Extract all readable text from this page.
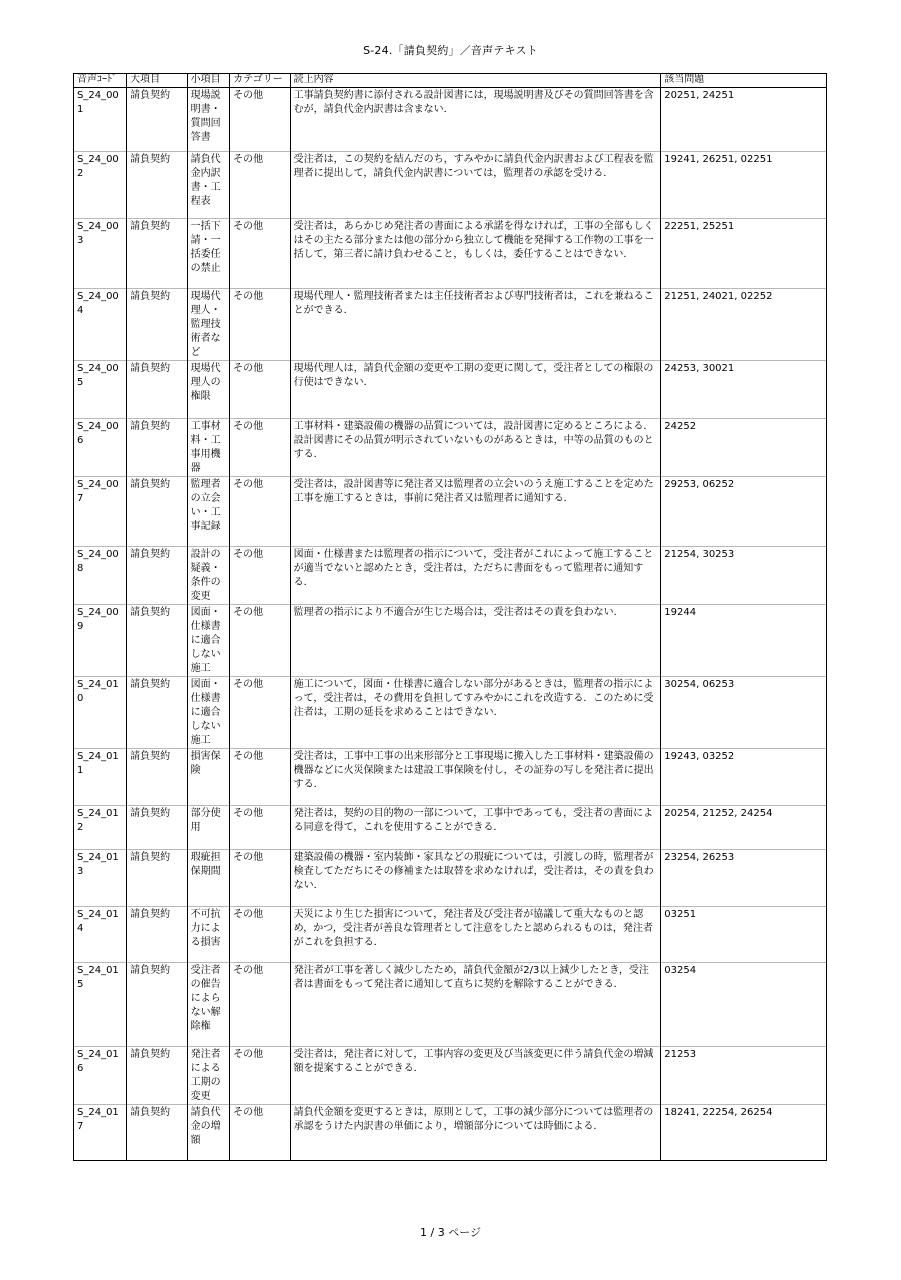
S-24.「請負契約」／音声テキスト
音声ｺｰﾄﾞ	大項目	小項目	カテゴリー	読上内容	該当問題
S_24_001	請負契約	現場説明書・質問回答書	その他	工事請負契約書に添付される設計図書には，現場説明書及びその質問回答書を含むが，請負代金内訳書は含まない．	20251, 24251
S_24_002	請負契約	請負代金内訳書・工程表	その他	受注者は，この契約を結んだのち，すみやかに請負代金内訳書および工程表を監理者に提出して，請負代金内訳書については，監理者の承認を受ける．	19241, 26251, 02251
S_24_003	請負契約	一括下請・一括委任の禁止	その他	受注者は，あらかじめ発注者の書面による承諾を得なければ，工事の全部もしくはその主たる部分または他の部分から独立して機能を発揮する工作物の工事を一括して，第三者に請け負わせること，もしくは，委任することはできない．	22251, 25251
S_24_004	請負契約	現場代理人・監理技術者など	その他	現場代理人・監理技術者または主任技術者および専門技術者は，これを兼ねることができる．	21251, 24021, 02252
S_24_005	請負契約	現場代理人の権限	その他	現場代理人は，請負代金額の変更や工期の変更に関して，受注者としての権限の行使はできない．	24253, 30021
S_24_006	請負契約	工事材料・工事用機器	その他	工事材料・建築設備の機器の品質については，設計図書に定めるところによる．設計図書にその品質が明示されていないものがあるときは，中等の品質のものとする．	24252
S_24_007	請負契約	監理者の立会い・工事記録	その他	受注者は，設計図書等に発注者又は監理者の立会いのうえ施工することを定めた工事を施工するときは，事前に発注者又は監理者に通知する．	29253, 06252
S_24_008	請負契約	設計の疑義・条件の変更	その他	図面・仕様書または監理者の指示について，受注者がこれによって施工することが適当でないと認めたとき，受注者は，ただちに書面をもって監理者に通知する．	21254, 30253
S_24_009	請負契約	図面・仕様書に適合しない施工	その他	監理者の指示により不適合が生じた場合は，受注者はその責を負わない．	19244
S_24_010	請負契約	図面・仕様書に適合しない施工	その他	施工について，図面・仕様書に適合しない部分があるときは，監理者の指示によって，受注者は，その費用を負担してすみやかにこれを改造する．このために受注者は，工期の延長を求めることはできない．	30254, 06253
S_24_011	請負契約	損害保険	その他	受注者は，工事中工事の出来形部分と工事現場に搬入した工事材料・建築設備の機器などに火災保険または建設工事保険を付し，その証券の写しを発注者に提出する．	19243, 03252
S_24_012	請負契約	部分使用	その他	発注者は，契約の目的物の一部について，工事中であっても，受注者の書面による同意を得て，これを使用することができる．	20254, 21252, 24254
S_24_013	請負契約	瑕疵担保期間	その他	建築設備の機器・室内装飾・家具などの瑕疵については，引渡しの時，監理者が検査してただちにその修補または取替を求めなければ，受注者は，その責を負わない．	23254, 26253
S_24_014	請負契約	不可抗力による損害	その他	天災により生じた損害について，発注者及び受注者が協議して重大なものと認め，かつ，受注者が善良な管理者として注意をしたと認められるものは，発注者がこれを負担する．	03251
S_24_015	請負契約	受注者の催告によらない解除権	その他	発注者が工事を著しく減少したため，請負代金額が2/3以上減少したとき，受注者は書面をもって発注者に通知して直ちに契約を解除することができる．	03254
S_24_016	請負契約	発注者による工期の変更	その他	受注者は，発注者に対して，工事内容の変更及び当該変更に伴う請負代金の増減額を提案することができる．	21253
S_24_017	請負契約	請負代金の増額	その他	請負代金額を変更するときは，原則として，工事の減少部分については監理者の承認をうけた内訳書の単価により，増額部分については時価による．	18241, 22254, 26254
1 / 3 ページ
